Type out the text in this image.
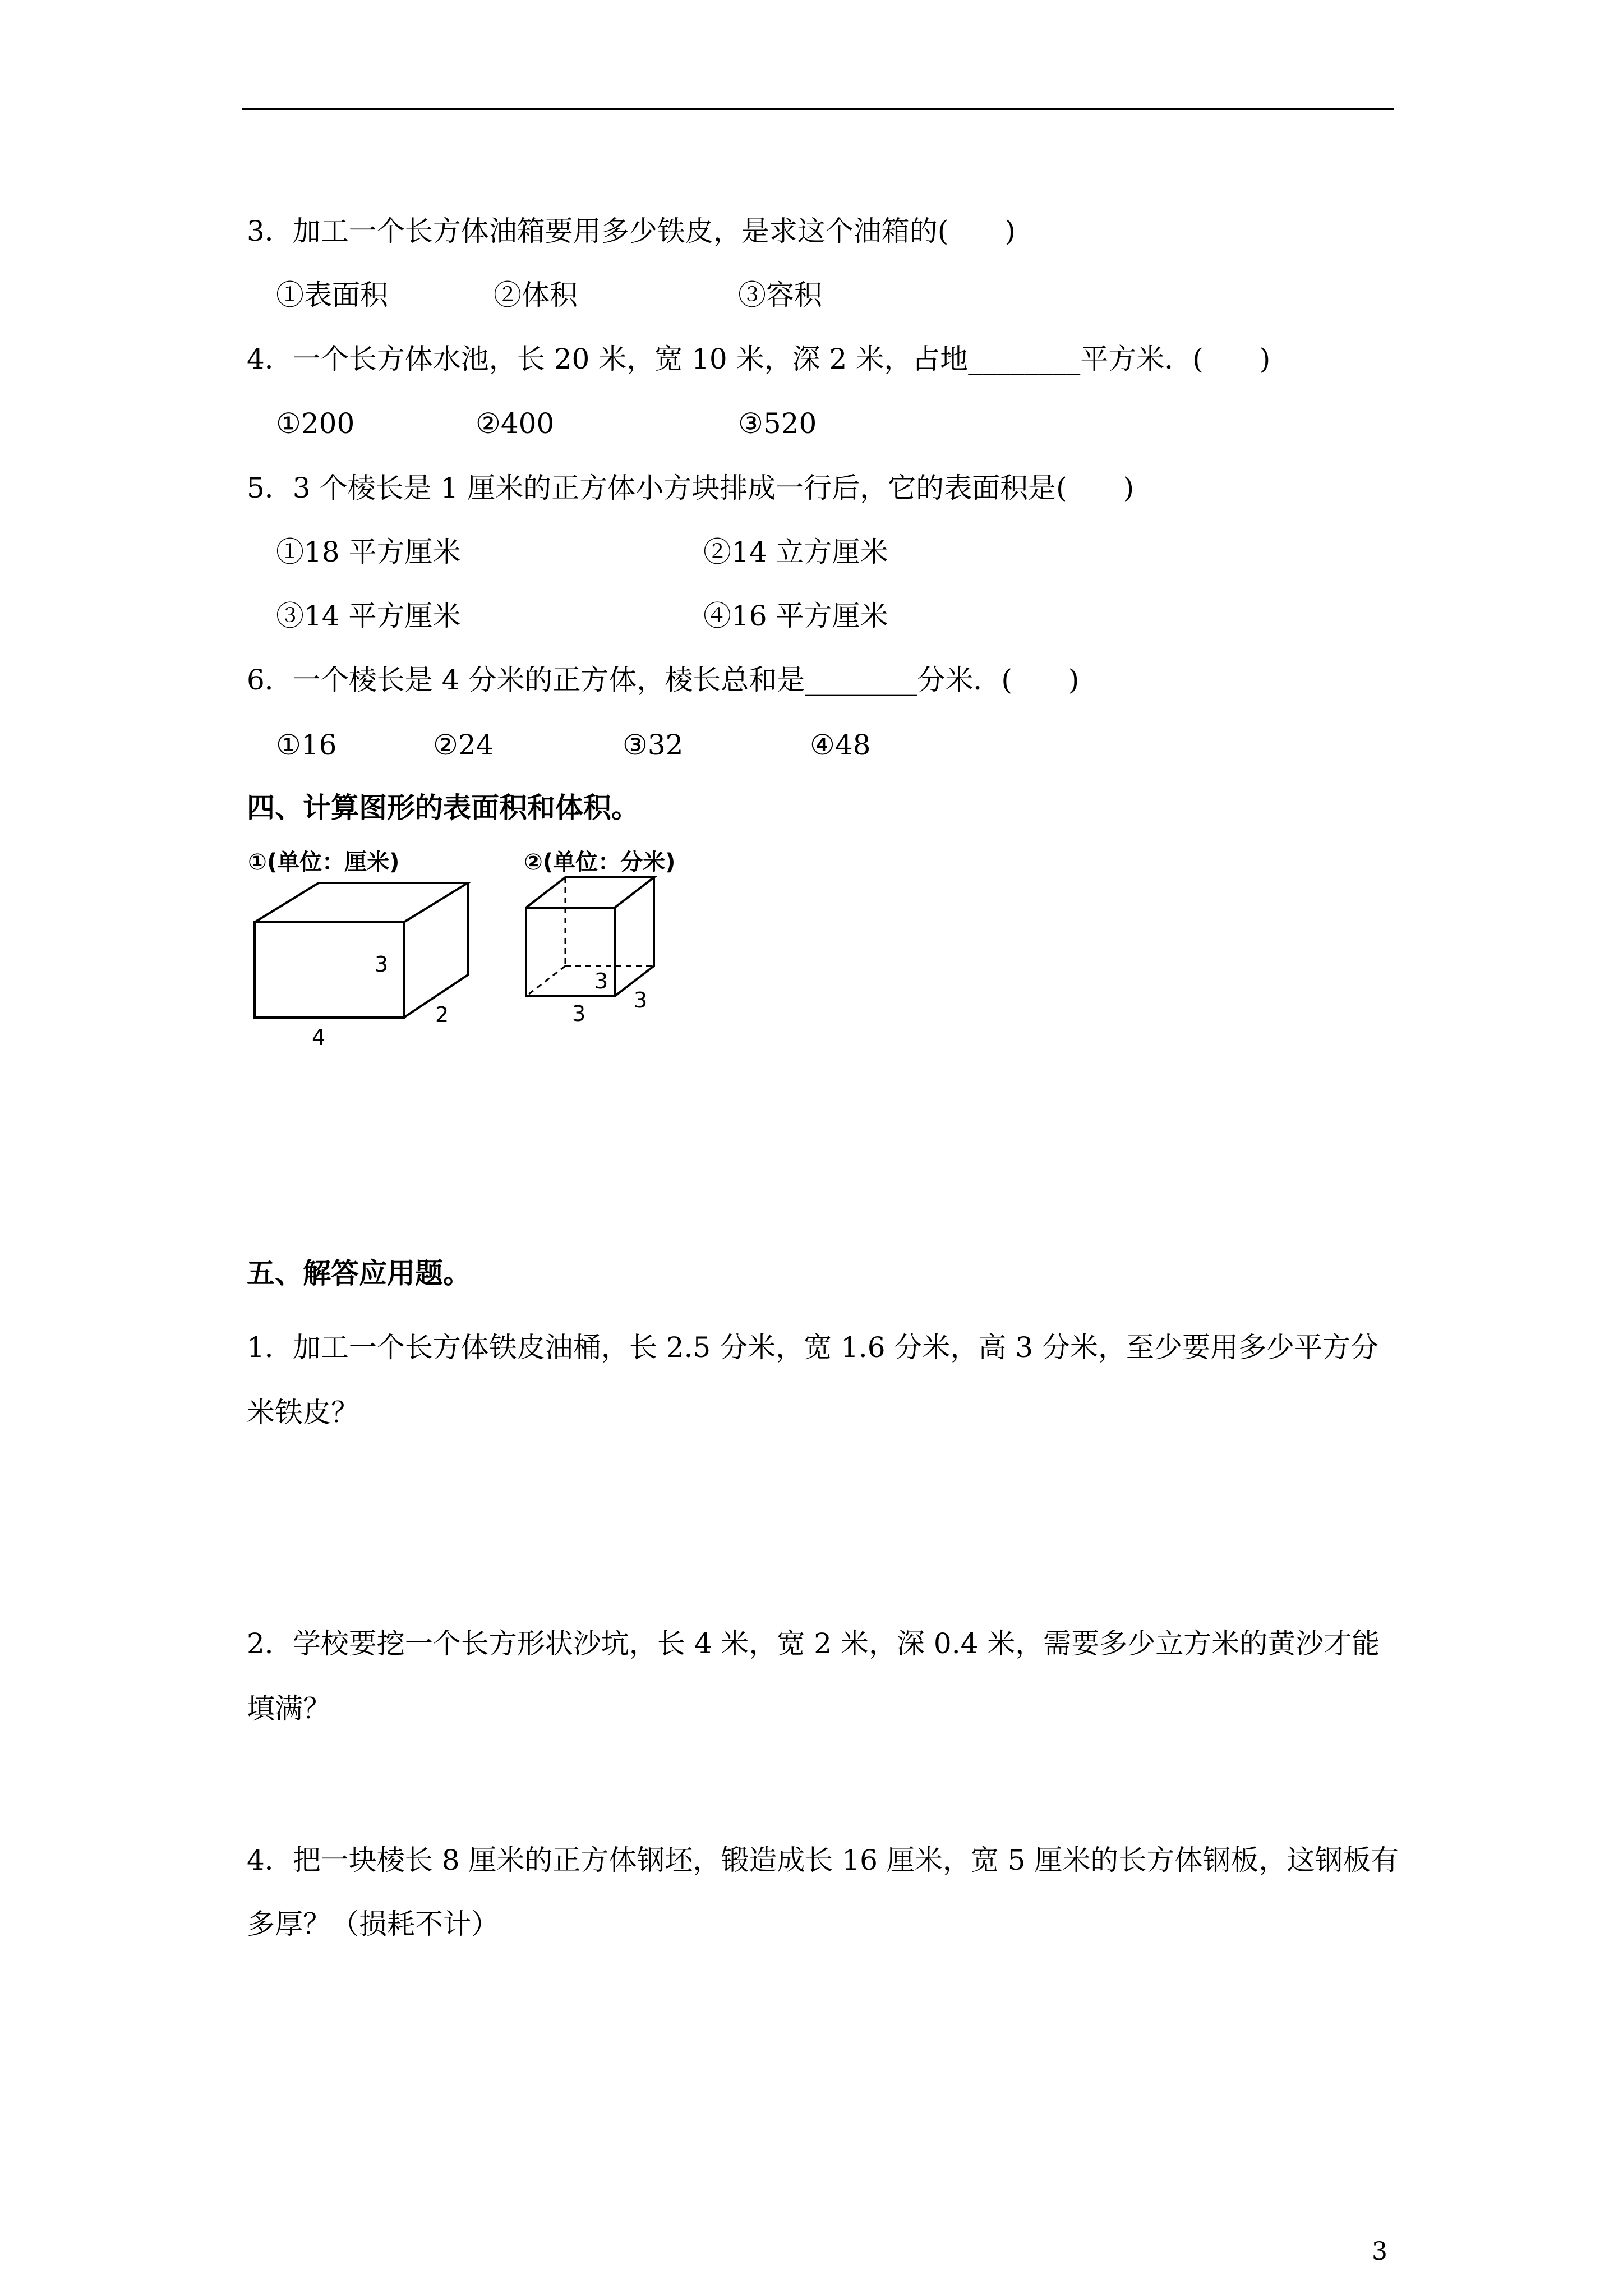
3．加工一个长方体油箱要用多少铁皮，是求这个油箱的(　　)
①表面积	②体积	③容积
4．一个长方体水池，长 20 米，宽 10 米，深 2 米，占地________平方米．(　　)
①200	②400	③520
5．3 个棱长是 1 厘米的正方体小方块排成一行后，它的表面积是(　　)
①18 平方厘米	②14 立方厘米
③14 平方厘米	④16 平方厘米
6．一个棱长是 4 分米的正方体，棱长总和是________分米．(　　)
①16	②24	③32	④48
四、计算图形的表面积和体积。
①(单位：厘米)
3
2
4
②(单位：分米)
3
3
3
五、解答应用题。
1．加工一个长方体铁皮油桶，长 2.5 分米，宽 1.6 分米，高 3 分米，至少要用多少平方分
米铁皮？
2．学校要挖一个长方形状沙坑，长 4 米，宽 2 米，深 0.4 米，需要多少立方米的黄沙才能
填满？
4．把一块棱长 8 厘米的正方体钢坯，锻造成长 16 厘米，宽 5 厘米的长方体钢板，这钢板有
多厚？（损耗不计）
3
